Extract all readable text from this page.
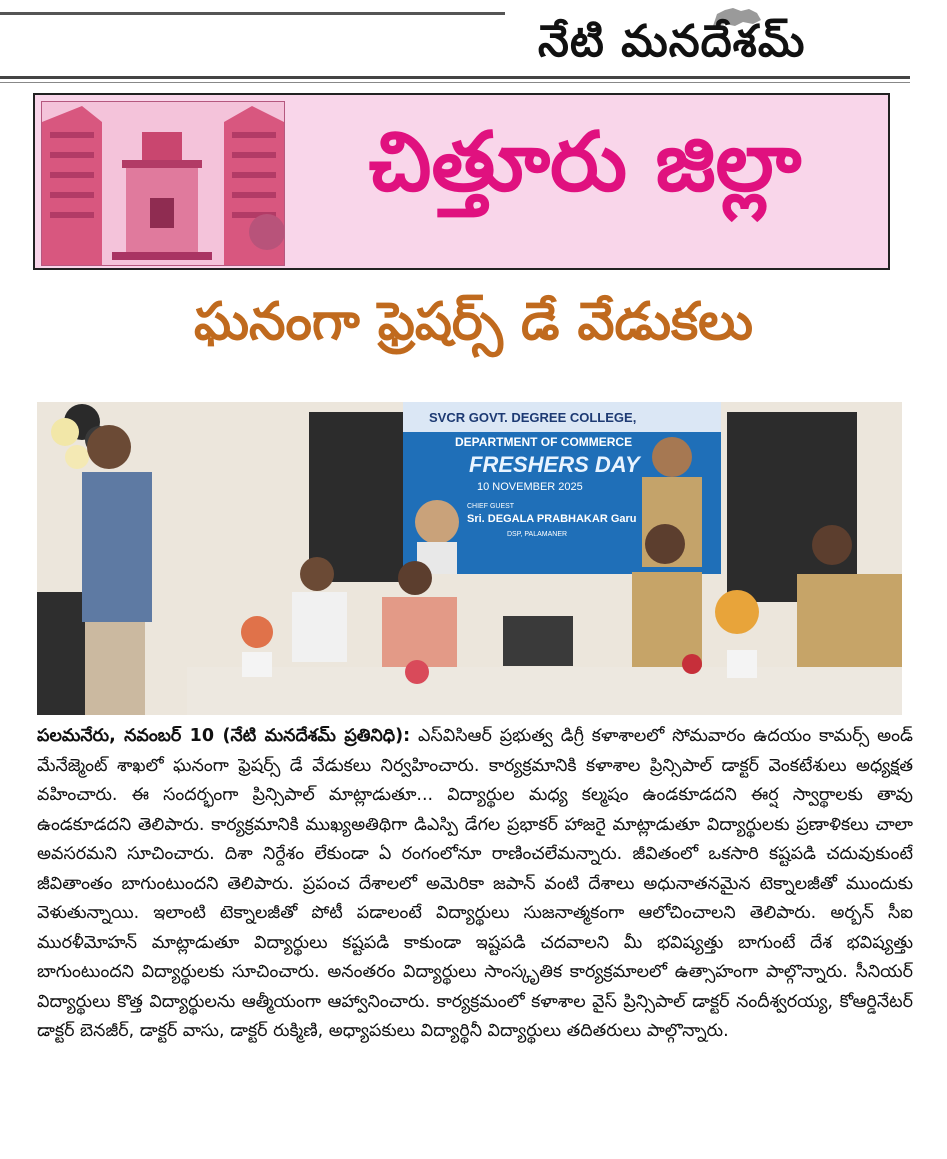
నేటి మనదేశమ్
చిత్తూరు జిల్లా
ఘనంగా ఫ్రెషర్స్ డే వేడుకలు
SVCR GOVT. DEGREE COLLEGE,
DEPARTMENT OF COMMERCE
FRESHERS DAY
10 NOVEMBER 2025
CHIEF GUEST
Sri. DEGALA PRABHAKAR Garu
DSP, PALAMANER
పలమనేరు, నవంబర్ 10 (నేటి మనదేశమ్ ప్రతినిధి): ఎస్‌విసిఆర్ ప్రభుత్వ డిగ్రీ కళాశాలలో సోమవారం ఉదయం కామర్స్ అండ్ మేనేజ్మెంట్ శాఖలో ఘనంగా ఫ్రెషర్స్ డే వేడుకలు నిర్వహించారు. కార్యక్రమానికి కళాశాల ప్రిన్సిపాల్ డాక్టర్ వెంకటేశులు అధ్యక్షత వహించారు. ఈ సందర్భంగా ప్రిన్సిపాల్ మాట్లాడుతూ... విద్యార్థుల మధ్య కల్మషం ఉండకూడదని ఈర్ష స్వార్థాలకు తావు ఉండకూడదని తెలిపారు. కార్యక్రమానికి ముఖ్యఅతిథిగా డిఎస్పి డేగల ప్రభాకర్ హాజరై మాట్లాడుతూ విద్యార్థులకు ప్రణాళికలు చాలా అవసరమని సూచించారు. దిశా నిర్దేశం లేకుండా ఏ రంగంలోనూ రాణించలేమన్నారు. జీవితంలో ఒకసారి కష్టపడి చదువుకుంటే జీవితాంతం బాగుంటుందని తెలిపారు. ప్రపంచ దేశాలలో అమెరికా జపాన్ వంటి దేశాలు అధునాతనమైన టెక్నాలజీతో ముందుకు వెళుతున్నాయి. ఇలాంటి టెక్నాలజీతో పోటీ పడాలంటే విద్యార్థులు సుజనాత్మకంగా ఆలోచించాలని తెలిపారు. అర్బన్ సీఐ మురళీమోహన్ మాట్లాడుతూ విద్యార్థులు కష్టపడి కాకుండా ఇష్టపడి చదవాలని మీ భవిష్యత్తు బాగుంటే దేశ భవిష్యత్తు బాగుంటుందని విద్యార్థులకు సూచించారు. అనంతరం విద్యార్థులు సాంస్కృతిక కార్యక్రమాలలో ఉత్సాహంగా పాల్గొన్నారు. సీనియర్ విద్యార్థులు కొత్త విద్యార్థులను ఆత్మీయంగా ఆహ్వానించారు. కార్యక్రమంలో కళాశాల వైస్ ప్రిన్సిపాల్ డాక్టర్ నందీశ్వరయ్య, కోఆర్డినేటర్ డాక్టర్ బెనజీర్, డాక్టర్ వాసు, డాక్టర్ రుక్మిణి, అధ్యాపకులు విద్యార్థినీ విద్యార్థులు తదితరులు పాల్గొన్నారు.
